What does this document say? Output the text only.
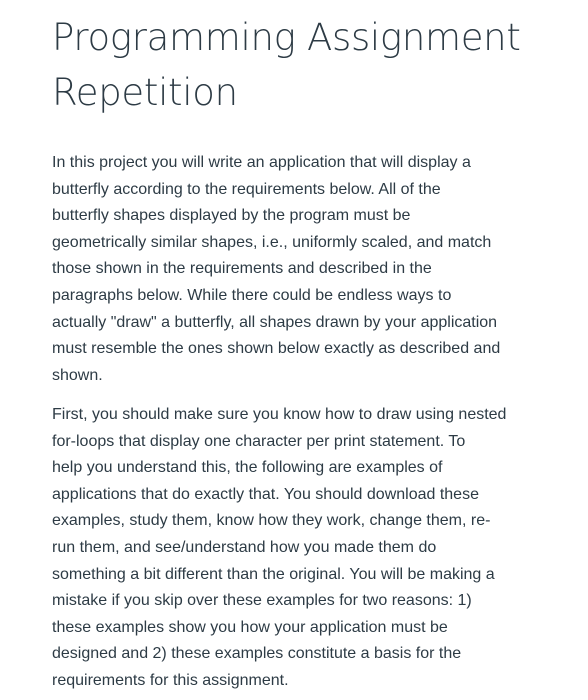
Programming Assignment
Repetition

In this project you will write an application that will display a
butterfly according to the requirements below. All of the
butterfly shapes displayed by the program must be
geometrically similar shapes, i.e., uniformly scaled, and match
those shown in the requirements and described in the
paragraphs below. While there could be endless ways to
actually "draw" a butterfly, all shapes drawn by your application
must resemble the ones shown below exactly as described and
shown.

First, you should make sure you know how to draw using nested
for-loops that display one character per print statement. To
help you understand this, the following are examples of
applications that do exactly that. You should download these
examples, study them, know how they work, change them, re-
run them, and see/understand how you made them do
something a bit different than the original. You will be making a
mistake if you skip over these examples for two reasons: 1)
these examples show you how your application must be
designed and 2) these examples constitute a basis for the
requirements for this assignment.
